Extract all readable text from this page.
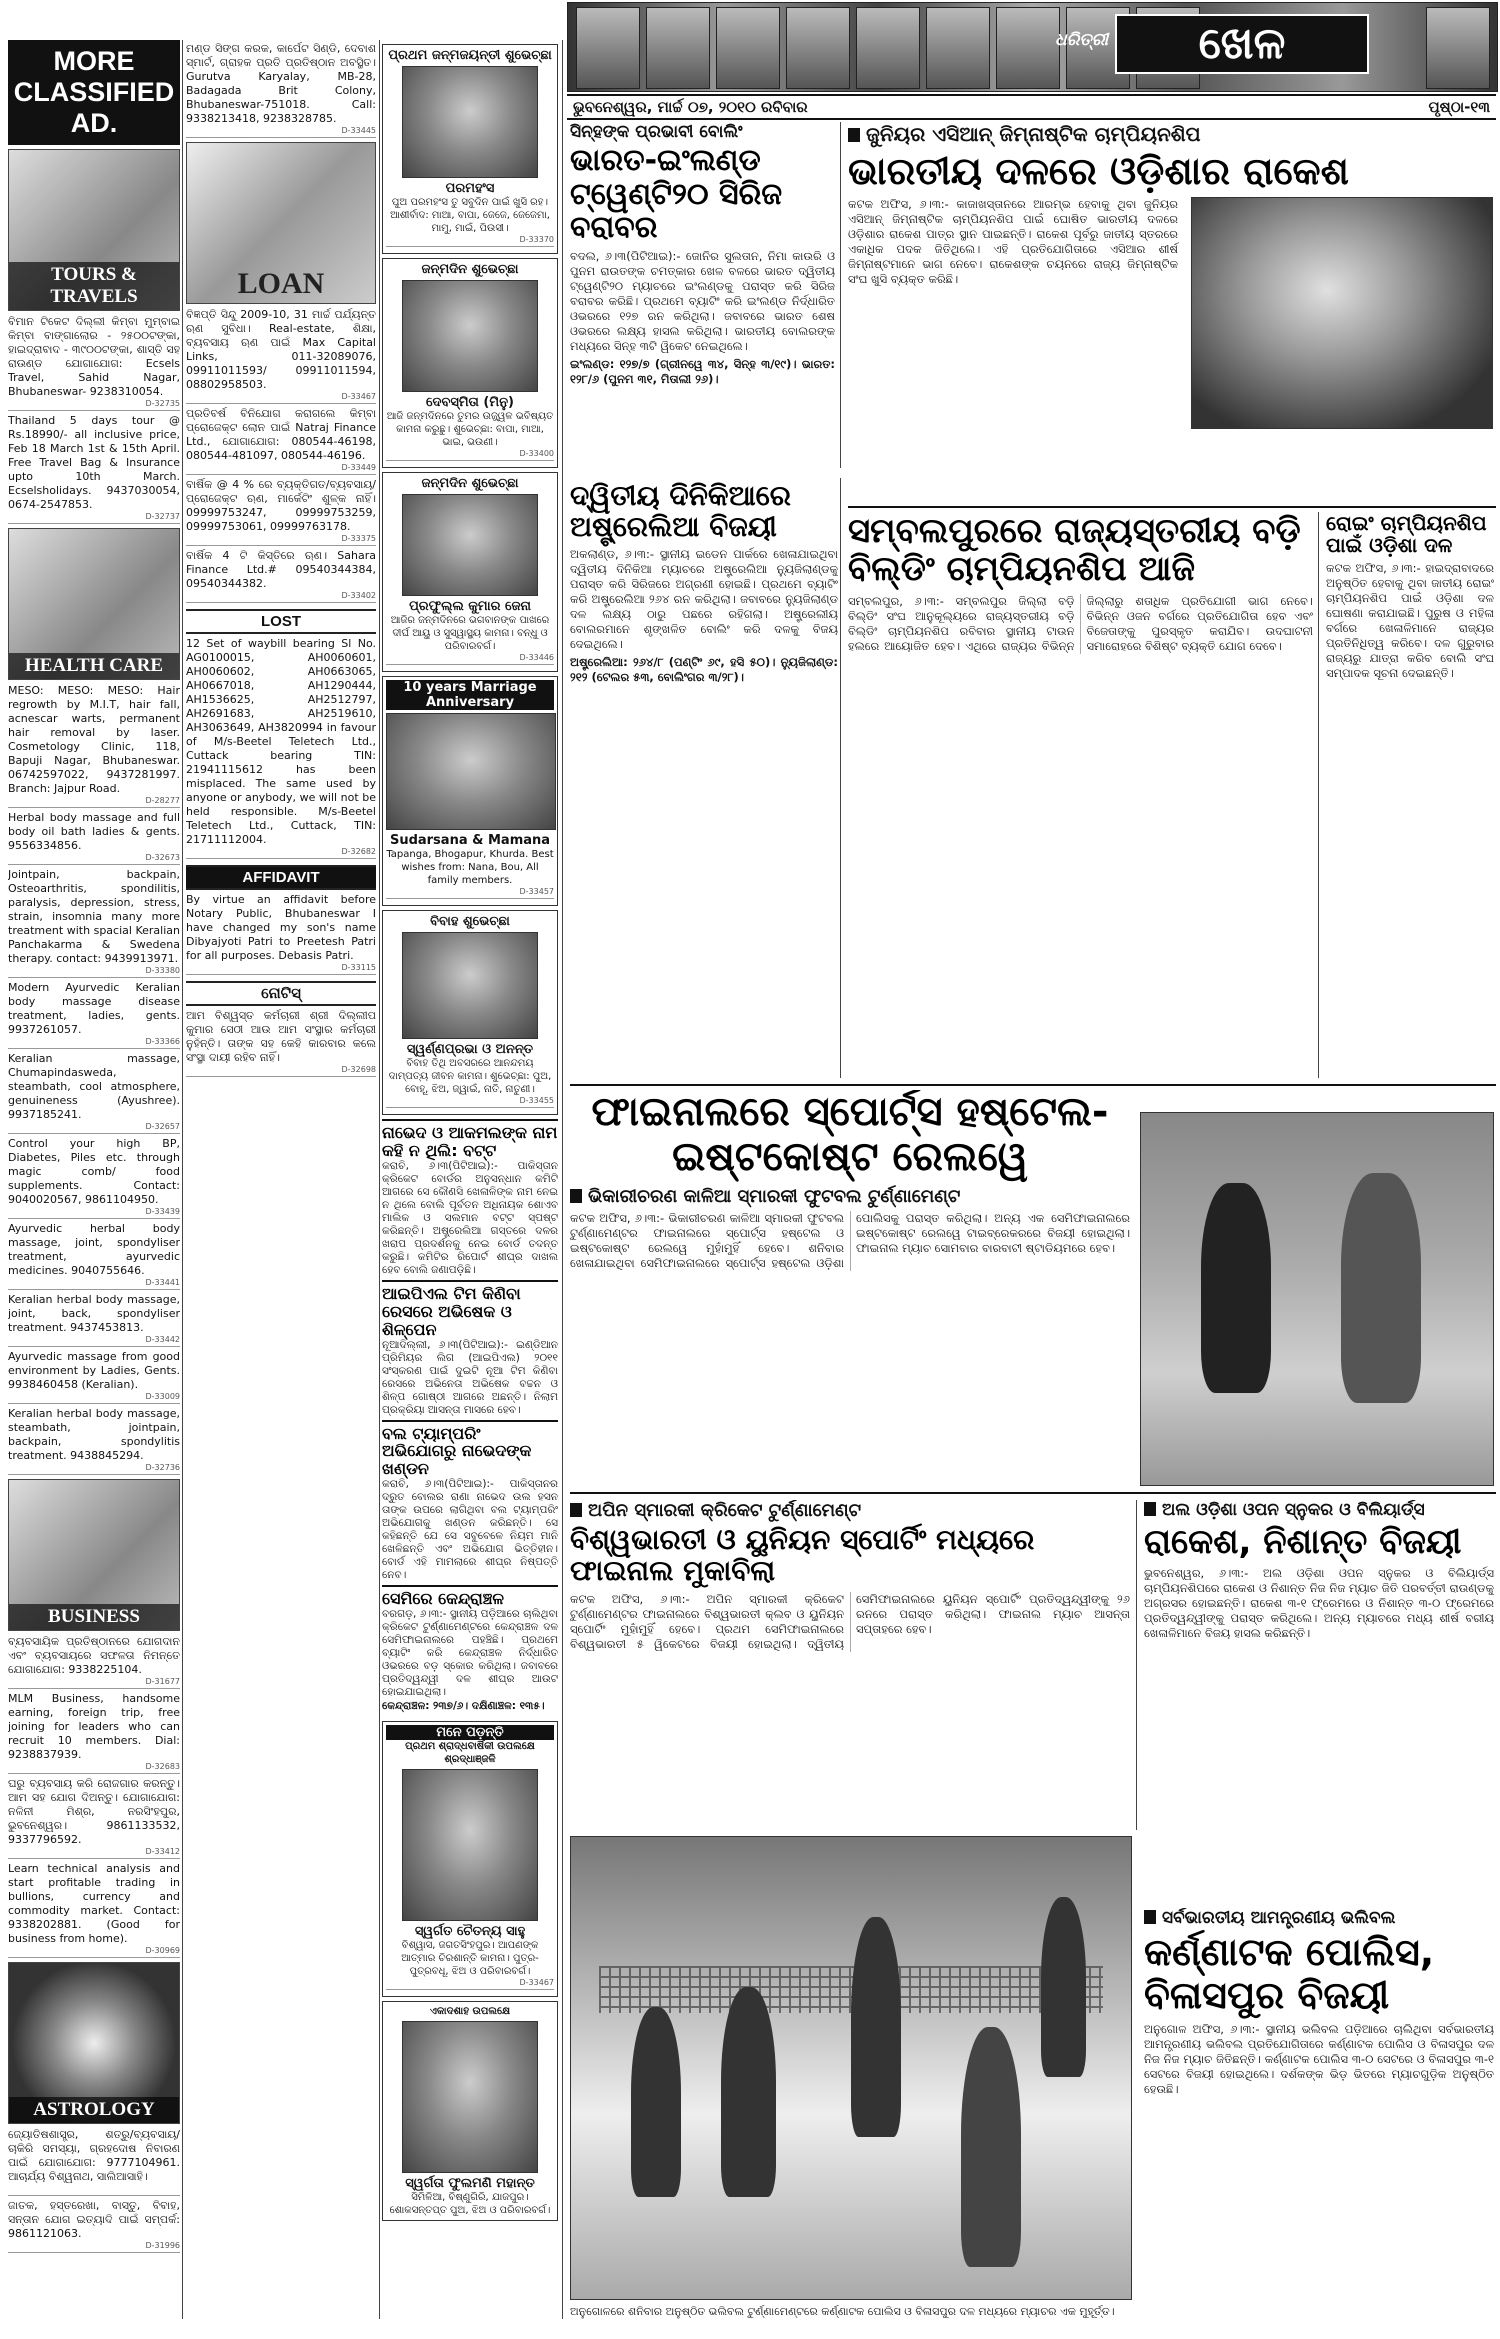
MORE CLASSIFIED AD.
TOURS & TRAVELS
ବିମାନ ଟିକେଟ ଦିଲ୍ଲୀ କିମ୍ବା ମୁମ୍ବାଇ କିମ୍ବା ବାଙ୍ଗାଲୋର - ୨୫୦୦ଟଙ୍କା, ହାଇଦ୍ରାବାଦ - ୩୯୦୦ଟଙ୍କା, ଶାସ୍ତି ସହ ରାଉଣ୍ଡ ଯୋଗାଯୋଗ: Ecsels Travel, Sahid Nagar, Bhubaneswar- 9238310054.
D-32735
Thailand 5 days tour @ Rs.18990/- all inclusive price, Feb 18 March 1st & 15th April. Free Travel Bag & Insurance upto 10th March. Ecselsholidays. 9437030054, 0674-2547853.
D-32737
HEALTH CARE
MESO: MESO: MESO: Hair regrowth by M.I.T, hair fall, acnescar warts, permanent hair removal by laser. Cosmetology Clinic, 118, Bapuji Nagar, Bhubaneswar. 06742597022, 9437281997. Branch: Jajpur Road.
D-28277
Herbal body massage and full body oil bath ladies & gents. 9556334856.
D-32673
Jointpain, backpain, Osteoarthritis, spondilitis, paralysis, depression, stress, strain, insomnia many more treatment with spacial Keralian Panchakarma & Swedena therapy. contact: 9439913971.
D-33380
Modern Ayurvedic Keralian body massage disease treatment, ladies, gents. 9937261057.
D-33366
Keralian massage, Chumapindasweda, steambath, cool atmosphere, genuineness (Ayushree). 9937185241.
D-32657
Control your high BP, Diabetes, Piles etc. through magic comb/ food supplements. Contact: 9040020567, 9861104950.
D-33439
Ayurvedic herbal body massage, joint, spondyliser treatment, ayurvedic medicines. 9040755646.
D-33441
Keralian herbal body massage, joint, back, spondyliser treatment. 9437453813.
D-33442
Ayurvedic massage from good environment by Ladies, Gents. 9938460458 (Keralian).
D-33009
Keralian herbal body massage, steambath, jointpain, backpain, spondylitis treatment. 9438845294.
D-32736
BUSINESS
ବ୍ୟବସାୟିକ ପ୍ରତିଷ୍ଠାନରେ ଯୋଗଦାନ ଏବଂ ବ୍ୟବସାୟରେ ସଫଳତା ନିମନ୍ତେ ଯୋଗାଯୋଗ: 9338225104.
D-31677
MLM Business, handsome earning, foreign trip, free joining for leaders who can recruit 10 members. Dial: 9238837939.
D-32683
ଘରୁ ବ୍ୟବସାୟ କରି ରୋଜଗାର କରନ୍ତୁ। ଆମ ସହ ଯୋଗ ଦିଅନ୍ତୁ। ଯୋଗାଯୋଗ: ନଳିନୀ ମିଶ୍ର, ନରସିଂହପୁର, ଭୁବନେଶ୍ୱର। 9861133532, 9337796592.
D-33412
Learn technical analysis and start profitable trading in bullions, currency and commodity market. Contact: 9338202881. (Good for business from home).
D-30969
ASTROLOGY
ଜ୍ୟୋତିଷଶାସ୍ତ୍ର, ଶତ୍ରୁ/ବ୍ୟବସାୟ/ଚାକିରି ସମସ୍ୟା, ଗ୍ରହଦୋଷ ନିବାରଣ ପାଇଁ ଯୋଗାଯୋଗ: 9777104961. ଆଚାର୍ଯ୍ୟ ବିଶ୍ୱନାଥ, ସାଲିଆସାହି।

ଜାତକ, ହସ୍ତରେଖା, ବାସ୍ତୁ, ବିବାହ, ସନ୍ତାନ ଯୋଗ ଇତ୍ୟାଦି ପାଇଁ ସମ୍ପର୍କ: 9861121063.
D-31996
ମଣ୍ଡ ସିଙ୍ଗ କରକ, କାର୍ପେଟ ସିଣ୍ଡି, ଦେବାଶ ସ୍ମାର୍ଟ, ଗ୍ରାହକ ପ୍ରତି ପ୍ରତିଷ୍ଠାନ ଅବସ୍ଥିତ। Gurutva Karyalay, MB-28, Badagada Brit Colony, Bhubaneswar-751018. Call: 9338213418, 9238328785.
D-33445
LOAN
ବିଜ୍ଞପ୍ତି ସିନ୍ଦୁ 2009-10, 31 ମାର୍ଚ୍ଚ ପର୍ଯ୍ୟନ୍ତ ଋଣ ସୁବିଧା। Real-estate, ଶିକ୍ଷା, ବ୍ୟବସାୟ ଋଣ ପାଇଁ Max Capital Links, 011-32089076, 09911011593/ 09911011594, 08802958503.
D-33467
ପ୍ରତିବର୍ଷ ବିନିଯୋଗ କରାଗଲେ କିମ୍ବା ପ୍ରୋଜେକ୍ଟ ଲୋନ ପାଇଁ Natraj Finance Ltd., ଯୋଗାଯୋଗ: 080544-46198, 080544-481097, 080544-46196.
D-33449
ବାର୍ଷିକ @ 4 % ରେ ବ୍ୟକ୍ତିଗତ/ବ୍ୟବସାୟ/ପ୍ରୋଜେକ୍ଟ ଋଣ, ମାର୍କେଟିଂ ଶୁଳ୍କ ନାହିଁ। 09999753247, 09999753259, 09999753061, 09999763178.
D-33375
ବାର୍ଷିକ 4 ଟି କିସ୍ତିରେ ଋଣ। Sahara Finance Ltd.# 09540344384, 09540344382.
D-33402
LOST
12 Set of waybill bearing Sl No. AG0100015, AH0060601, AH0060602, AH0663065, AH0667018, AH1290444, AH1536625, AH2512797, AH2691683, AH2519610, AH3063649, AH3820994 in favour of M/s-Beetel Teletech Ltd., Cuttack bearing TIN: 21941115612 has been misplaced. The same used by anyone or anybody, we will not be held responsible. M/s-Beetel Teletech Ltd., Cuttack, TIN: 21711112004.
D-32682
AFFIDAVIT
By virtue an affidavit before Notary Public, Bhubaneswar I have changed my son's name Dibyajyoti Patri to Preetesh Patri for all purposes. Debasis Patri.
D-33115
ନୋଟିସ୍
ଆମ ବିଶ୍ୱସ୍ତ କର୍ମଚାରୀ ଶ୍ରୀ ଦିଲ୍ଲୀପ କୁମାର ସେଠୀ ଆଉ ଆମ ସଂସ୍ଥାର କର୍ମଚାରୀ ନୁହଁନ୍ତି। ତାଙ୍କ ସହ କେହି କାରବାର କଲେ ସଂସ୍ଥା ଦାୟୀ ରହିବ ନାହିଁ।
D-32698
ପ୍ରଥମ ଜନ୍ମଜୟନ୍ତୀ ଶୁଭେଚ୍ଛା
ପରମହଂସ
ପୁଅ ପରମହଂସ ତୁ ସବୁଦିନ ପାଇଁ ଖୁସି ରହ। ଆଶୀର୍ବାଦ: ମାଆ, ବାପା, ଜେଜେ, ଜେଜେମା, ମାମୁ, ମାଇଁ, ପିଉସୀ।
D-33370
ଜନ୍ମଦିନ ଶୁଭେଚ୍ଛା
ଦେବସ୍ମିତା (ମିନୁ)
ଆଜି ଜନ୍ମଦିନରେ ତୁମର ଉଜ୍ଜ୍ୱଳ ଭବିଷ୍ୟତ କାମନା କରୁଛୁ। ଶୁଭେଚ୍ଛା: ବାପା, ମାଆ, ଭାଇ, ଭଉଣୀ।
D-33400
ଜନ୍ମଦିନ ଶୁଭେଚ୍ଛା
ପ୍ରଫୁଲ୍ଲ କୁମାର ଜେନା
ଆଜିର ଜନ୍ମଦିନରେ ଭଗବାନଙ୍କ ପାଖରେ ଦୀର୍ଘ ଆୟୁ ଓ ସୁସ୍ୱାସ୍ଥ୍ୟ କାମନା। ବନ୍ଧୁ ଓ ପରିବାରବର୍ଗ।
D-33446
10 years Marriage Anniversary
Sudarsana & Mamana
Tapanga, Bhogapur, Khurda. Best wishes from: Nana, Bou, All family members.
D-33457
ବିବାହ ଶୁଭେଚ୍ଛା
ସ୍ୱର୍ଣ୍ଣପ୍ରଭା ଓ ଅନନ୍ତ
ବିବାହ ତିଥି ଅବସରରେ ଆନନ୍ଦମୟ ଦାମ୍ପତ୍ୟ ଜୀବନ କାମନା। ଶୁଭେଚ୍ଛା: ପୁଅ, ବୋହୂ, ଝିଅ, ଜ୍ୱାଇଁ, ନାତି, ନାତୁଣୀ।
D-33455
ନାଭେଦ ଓ ଆକମଲଙ୍କ ନାମ କହି ନ ଥିଲି: ବଟ୍ଟ
କରାଚି, ୬।୩(ପିଟିଆଇ):- ପାକିସ୍ତାନ କ୍ରିକେଟ ବୋର୍ଡର ଅନୁସନ୍ଧାନ କମିଟି ଆଗରେ ସେ କୌଣସି ଖେଳାଳିଙ୍କ ନାମ ନେଇ ନ ଥିଲେ ବୋଲି ପୂର୍ବତନ ଅଧିନାୟକ ଶୋଏବ ମାଲିକ ଓ ସଲମାନ ବଟ୍ଟ ସ୍ପଷ୍ଟ କରିଛନ୍ତି। ଅଷ୍ଟ୍ରେଲିଆ ଗସ୍ତରେ ଦଳର ଖରାପ ପ୍ରଦର୍ଶନକୁ ନେଇ ବୋର୍ଡ ତଦନ୍ତ କରୁଛି। କମିଟିର ରିପୋର୍ଟ ଶୀଘ୍ର ଦାଖଲ ହେବ ବୋଲି ଜଣାପଡ଼ିଛି।
ଆଇପିଏଲ ଟିମ କିଣିବା ରେସରେ ଅଭିଷେକ ଓ ଶିଳ୍ପେନ
ନୂଆଦିଲ୍ଲୀ, ୬।୩(ପିଟିଆଇ):- ଇଣ୍ଡିଆନ ପ୍ରିମିୟର ଲିଗ (ଆଇପିଏଲ) ୨୦୧୧ ସଂସ୍କରଣ ପାଇଁ ଦୁଇଟି ନୂଆ ଟିମ କିଣିବା ରେସରେ ଅଭିନେତା ଅଭିଷେକ ବଚ୍ଚନ ଓ ଶିଳ୍ପ ଗୋଷ୍ଠୀ ଆଗରେ ଅଛନ୍ତି। ନିଲାମ ପ୍ରକ୍ରିୟା ଆସନ୍ତା ମାସରେ ହେବ।
ବଲ ଟ୍ୟାମ୍ପରିଂ ଅଭିଯୋଗରୁ ନାଭେଦଙ୍କ ଖଣ୍ଡନ
କରାଚି, ୬।୩(ପିଟିଆଇ):- ପାକିସ୍ତାନର ଦ୍ରୁତ ବୋଲର ରାଣା ନାଭେଦ ଉଲ ହସନ ତାଙ୍କ ଉପରେ ଲାଗିଥିବା ବଲ ଟ୍ୟାମ୍ପରିଂ ଅଭିଯୋଗକୁ ଖଣ୍ଡନ କରିଛନ୍ତି। ସେ କହିଛନ୍ତି ଯେ ସେ ସବୁବେଳେ ନିୟମ ମାନି ଖେଳିଛନ୍ତି ଏବଂ ଅଭିଯୋଗ ଭିତ୍ତିହୀନ। ବୋର୍ଡ ଏହି ମାମଲାରେ ଶୀଘ୍ର ନିଷ୍ପତ୍ତି ନେବ।
ସେମିରେ କେନ୍ଦ୍ରାଞ୍ଚଳ
ବରଗଡ଼, ୬।୩:- ସ୍ଥାନୀୟ ପଡ଼ିଆରେ ଚାଲିଥିବା କ୍ରିକେଟ ଟୁର୍ଣ୍ଣାମେଣ୍ଟରେ କେନ୍ଦ୍ରାଞ୍ଚଳ ଦଳ ସେମିଫାଇନାଲରେ ପହଞ୍ଚିଛି। ପ୍ରଥମେ ବ୍ୟାଟିଂ କରି କେନ୍ଦ୍ରାଞ୍ଚଳ ନିର୍ଦ୍ଧାରିତ ଓଭରରେ ବଡ଼ ସ୍କୋର କରିଥିଲା। ଜବାବରେ ପ୍ରତିଦ୍ୱନ୍ଦ୍ୱୀ ଦଳ ଶୀଘ୍ର ଆଉଟ ହୋଇଯାଇଥିଲା।
କେନ୍ଦ୍ରାଞ୍ଚଳ: ୨୩୭/୬। ଦକ୍ଷିଣାଞ୍ଚଳ: ୧୩୫।
ମନେ ପଡ଼ନ୍ତି
ପ୍ରଥମ ଶ୍ରାଦ୍ଧବାର୍ଷିକୀ ଉପଲକ୍ଷେ ଶ୍ରଦ୍ଧାଞ୍ଜଳି
ସ୍ୱର୍ଗତ ଚୈତନ୍ୟ ସାହୁ
ବିଶ୍ୱାସ, ଜଗତସିଂହପୁର। ଆପଣଙ୍କ ଆତ୍ମାର ଚିରଶାନ୍ତି କାମନା। ପୁତ୍ର-ପୁତ୍ରବଧୂ, ଝିଅ ଓ ପରିବାରବର୍ଗ।
D-33467
ଏକାଦଶାହ ଉପଲକ୍ଷେ
ସ୍ୱର୍ଗତା ଫୁଲମଣି ମହାନ୍ତ
ସିମିଳିଆ, ବିଷ୍ଣୁଗିରି, ଯାଜପୁର। ଶୋକସନ୍ତପ୍ତ ପୁଅ, ଝିଅ ଓ ପରିବାରବର୍ଗ।
ଧରିତ୍ରୀ	ଖେଳ
ଭୁବନେଶ୍ୱର, ମାର୍ଚ୍ଚ ୦୭, ୨୦୧୦ ରବିବାର	ପୃଷ୍ଠା-୧୩
ସିନ୍‌ହଙ୍କ ପ୍ରଭାବୀ ବୋଲିଂ
ଭାରତ-ଇଂଲଣ୍ଡ ଟ୍ୱେଣ୍ଟି୨୦ ସିରିଜ ବରାବର
ବଦଲ, ୬।୩(ପିଟିଆଇ):- ଜୋନିର ସୁଲତାନ, ନିମା କାଉରି ଓ ପୁନମ ରାଉତଙ୍କ ଚମତ୍କାର ଖେଳ ବଳରେ ଭାରତ ଦ୍ୱିତୀୟ ଟ୍ୱେଣ୍ଟି୨୦ ମ୍ୟାଚରେ ଇଂଲଣ୍ଡକୁ ପରାସ୍ତ କରି ସିରିଜ ବରାବର କରିଛି। ପ୍ରଥମେ ବ୍ୟାଟିଂ କରି ଇଂଲଣ୍ଡ ନିର୍ଦ୍ଧାରିତ ଓଭରରେ ୧୨୭ ରନ କରିଥିଲା। ଜବାବରେ ଭାରତ ଶେଷ ଓଭରରେ ଲକ୍ଷ୍ୟ ହାସଲ କରିଥିଲା। ଭାରତୀୟ ବୋଲରଙ୍କ ମଧ୍ୟରେ ସିନ୍‌ହ ୩ଟି ୱିକେଟ ନେଇଥିଲେ।
ଇଂଲଣ୍ଡ: ୧୨୭/୭ (ଗ୍ରୀନୱେ ୩୪, ସିନ୍‌ହ ୩/୧୯)। ଭାରତ: ୧୨୮/୬ (ପୁନମ ୩୧, ମିତାଲୀ ୨୬)।
ଜୁନିୟର ଏସିଆନ୍ ଜିମ୍ନାଷ୍ଟିକ ଚାମ୍ପିୟନଶିପ
ଭାରତୀୟ ଦଳରେ ଓଡ଼ିଶାର ରାକେଶ
କଟକ ଅଫିସ, ୬।୩:- କାଜାଖସ୍ତାନରେ ଆରମ୍ଭ ହେବାକୁ ଥିବା ଜୁନିୟର ଏସିଆନ୍ ଜିମ୍ନାଷ୍ଟିକ ଚାମ୍ପିୟନଶିପ ପାଇଁ ଘୋଷିତ ଭାରତୀୟ ଦଳରେ ଓଡ଼ିଶାର ରାକେଶ ପାତ୍ର ସ୍ଥାନ ପାଇଛନ୍ତି। ରାକେଶ ପୂର୍ବରୁ ଜାତୀୟ ସ୍ତରରେ ଏକାଧିକ ପଦକ ଜିତିଥିଲେ। ଏହି ପ୍ରତିଯୋଗିତାରେ ଏସିଆର ଶୀର୍ଷ ଜିମ୍ନାଷ୍ଟମାନେ ଭାଗ ନେବେ। ରାକେଶଙ୍କ ଚୟନରେ ରାଜ୍ୟ ଜିମ୍ନାଷ୍ଟିକ ସଂଘ ଖୁସି ବ୍ୟକ୍ତ କରିଛି।
ଦ୍ୱିତୀୟ ଦିନିକିଆରେ ଅଷ୍ଟ୍ରେଲିଆ ବିଜୟୀ
ଅକଲାଣ୍ଡ, ୬।୩:- ସ୍ଥାନୀୟ ଇଡେନ ପାର୍କରେ ଖେଳାଯାଇଥିବା ଦ୍ୱିତୀୟ ଦିନିକିଆ ମ୍ୟାଚରେ ଅଷ୍ଟ୍ରେଲିଆ ନ୍ୟୁଜିଲାଣ୍ଡକୁ ପରାସ୍ତ କରି ସିରିଜରେ ଅଗ୍ରଣୀ ହୋଇଛି। ପ୍ରଥମେ ବ୍ୟାଟିଂ କରି ଅଷ୍ଟ୍ରେଲିଆ ୨୬୪ ରନ କରିଥିଲା। ଜବାବରେ ନ୍ୟୁଜିଲାଣ୍ଡ ଦଳ ଲକ୍ଷ୍ୟ ଠାରୁ ପଛରେ ରହିଗଲା। ଅଷ୍ଟ୍ରେଲୀୟ ବୋଲରମାନେ ଶୃଙ୍ଖଳିତ ବୋଲିଂ କରି ଦଳକୁ ବିଜୟ ଦେଇଥିଲେ।
ଅଷ୍ଟ୍ରେଲିଆ: ୨୬୪/୮ (ପଣ୍ଟିଂ ୬୯, ହସି ୫୦)। ନ୍ୟୁଜିଲାଣ୍ଡ: ୨୧୨ (ଟେଲର ୫୩, ବୋଲିଂଗର ୩/୨୮)।
ସମ୍ବଲପୁରରେ ରାଜ୍ୟସ୍ତରୀୟ ବଡ଼ି ବିଲ୍ଡିଂ ଚାମ୍ପିୟନଶିପ ଆଜି
ସମ୍ବଲପୁର, ୬।୩:- ସମ୍ବଲପୁର ଜିଲ୍ଲା ବଡ଼ି ବିଲ୍ଡିଂ ସଂଘ ଆନୁକୂଲ୍ୟରେ ରାଜ୍ୟସ୍ତରୀୟ ବଡ଼ି ବିଲ୍ଡିଂ ଚାମ୍ପିୟନଶିପ ରବିବାର ସ୍ଥାନୀୟ ଟାଉନ ହଲରେ ଆୟୋଜିତ ହେବ। ଏଥିରେ ରାଜ୍ୟର ବିଭିନ୍ନ ଜିଲ୍ଲାରୁ ଶତାଧିକ ପ୍ରତିଯୋଗୀ ଭାଗ ନେବେ। ବିଭିନ୍ନ ଓଜନ ବର୍ଗରେ ପ୍ରତିଯୋଗିତା ହେବ ଏବଂ ବିଜେତାଙ୍କୁ ପୁରସ୍କୃତ କରାଯିବ। ଉଦଘାଟନୀ ସମାରୋହରେ ବିଶିଷ୍ଟ ବ୍ୟକ୍ତି ଯୋଗ ଦେବେ।
ରୋଇଂ ଚାମ୍ପିୟନଶିପ ପାଇଁ ଓଡ଼ିଶା ଦଳ
କଟକ ଅଫିସ, ୬।୩:- ହାଇଦ୍ରାବାଦରେ ଅନୁଷ୍ଠିତ ହେବାକୁ ଥିବା ଜାତୀୟ ରୋଇଂ ଚାମ୍ପିୟନଶିପ ପାଇଁ ଓଡ଼ିଶା ଦଳ ଘୋଷଣା କରାଯାଇଛି। ପୁରୁଷ ଓ ମହିଳା ବର୍ଗରେ ଖେଳାଳିମାନେ ରାଜ୍ୟର ପ୍ରତିନିଧିତ୍ୱ କରିବେ। ଦଳ ଗୁରୁବାର ରାଜ୍ୟରୁ ଯାତ୍ରା କରିବ ବୋଲି ସଂଘ ସମ୍ପାଦକ ସୂଚନା ଦେଇଛନ୍ତି।
ଫାଇନାଲରେ ସ୍ପୋର୍ଟ୍ସ ହଷ୍ଟେଲ-ଇଷ୍ଟକୋଷ୍ଟ ରେଲୱେ
ଭିକାରୀଚରଣ କାଳିଆ ସ୍ମାରକୀ ଫୁଟବଲ ଟୁର୍ଣ୍ଣାମେଣ୍ଟ
କଟକ ଅଫିସ, ୬।୩:- ଭିକାରୀଚରଣ କାଳିଆ ସ୍ମାରକୀ ଫୁଟବଲ ଟୁର୍ଣ୍ଣାମେଣ୍ଟର ଫାଇନାଲରେ ସ୍ପୋର୍ଟ୍ସ ହଷ୍ଟେଲ ଓ ଇଷ୍ଟକୋଷ୍ଟ ରେଲୱେ ମୁହାଁମୁହିଁ ହେବେ। ଶନିବାର ଖେଳାଯାଇଥିବା ସେମିଫାଇନାଲରେ ସ୍ପୋର୍ଟ୍ସ ହଷ୍ଟେଲ ଓଡ଼ିଶା ପୋଲିସକୁ ପରାସ୍ତ କରିଥିଲା। ଅନ୍ୟ ଏକ ସେମିଫାଇନାଲରେ ଇଷ୍ଟକୋଷ୍ଟ ରେଲୱେ ଟାଇବ୍ରେକରରେ ବିଜୟୀ ହୋଇଥିଲା। ଫାଇନାଲ ମ୍ୟାଚ ସୋମବାର ବାରବାଟୀ ଷ୍ଟାଡିୟମରେ ହେବ।
ଅପିନ ସ୍ମାରକୀ କ୍ରିକେଟ ଟୁର୍ଣ୍ଣାମେଣ୍ଟ
ବିଶ୍ୱଭାରତୀ ଓ ୟୁନିୟନ ସ୍ପୋର୍ଟିଂ ମଧ୍ୟରେ ଫାଇନାଲ ମୁକାବିଲା
କଟକ ଅଫିସ, ୬।୩:- ଅପିନ ସ୍ମାରକୀ କ୍ରିକେଟ ଟୁର୍ଣ୍ଣାମେଣ୍ଟର ଫାଇନାଲରେ ବିଶ୍ୱଭାରତୀ କ୍ଲବ ଓ ୟୁନିୟନ ସ୍ପୋର୍ଟିଂ ମୁହାଁମୁହିଁ ହେବେ। ପ୍ରଥମ ସେମିଫାଇନାଲରେ ବିଶ୍ୱଭାରତୀ ୫ ୱିକେଟରେ ବିଜୟୀ ହୋଇଥିଲା। ଦ୍ୱିତୀୟ ସେମିଫାଇନାଲରେ ୟୁନିୟନ ସ୍ପୋର୍ଟିଂ ପ୍ରତିଦ୍ୱନ୍ଦ୍ୱୀଙ୍କୁ ୨୬ ରନରେ ପରାସ୍ତ କରିଥିଲା। ଫାଇନାଲ ମ୍ୟାଚ ଆସନ୍ତା ସପ୍ତାହରେ ହେବ।
ଅଲ ଓଡ଼ିଶା ଓପନ ସ୍ନୁକର ଓ ବିଲିୟାର୍ଡ୍ସ
ରାକେଶ, ନିଶାନ୍ତ ବିଜୟୀ
ଭୁବନେଶ୍ୱର, ୬।୩:- ଅଲ ଓଡ଼ିଶା ଓପନ ସ୍ନୁକର ଓ ବିଲିୟାର୍ଡ୍ସ ଚାମ୍ପିୟନଶିପରେ ରାକେଶ ଓ ନିଶାନ୍ତ ନିଜ ନିଜ ମ୍ୟାଚ ଜିତି ପରବର୍ତ୍ତୀ ରାଉଣ୍ଡକୁ ଅଗ୍ରସର ହୋଇଛନ୍ତି। ରାକେଶ ୩-୧ ଫ୍ରେମରେ ଓ ନିଶାନ୍ତ ୩-୦ ଫ୍ରେମରେ ପ୍ରତିଦ୍ୱନ୍ଦ୍ୱୀଙ୍କୁ ପରାସ୍ତ କରିଥିଲେ। ଅନ୍ୟ ମ୍ୟାଚରେ ମଧ୍ୟ ଶୀର୍ଷ ବରୀୟ ଖେଳାଳିମାନେ ବିଜୟ ହାସଲ କରିଛନ୍ତି।
ସର୍ବଭାରତୀୟ ଆମନ୍ତ୍ରଣୀୟ ଭଲିବଲ
କର୍ଣ୍ଣାଟକ ପୋଲିସ, ବିଳାସପୁର ବିଜୟୀ
ଅନୁଗୋଳ ଅଫିସ, ୬।୩:- ସ୍ଥାନୀୟ ଭଲିବଲ ପଡ଼ିଆରେ ଚାଲିଥିବା ସର୍ବଭାରତୀୟ ଆମନ୍ତ୍ରଣୀୟ ଭଲିବଲ ପ୍ରତିଯୋଗିତାରେ କର୍ଣ୍ଣାଟକ ପୋଲିସ ଓ ବିଳାସପୁର ଦଳ ନିଜ ନିଜ ମ୍ୟାଚ ଜିତିଛନ୍ତି। କର୍ଣ୍ଣାଟକ ପୋଲିସ ୩-୦ ସେଟରେ ଓ ବିଳାସପୁର ୩-୧ ସେଟରେ ବିଜୟୀ ହୋଇଥିଲେ। ଦର୍ଶକଙ୍କ ଭିଡ଼ ଭିତରେ ମ୍ୟାଚଗୁଡ଼ିକ ଅନୁଷ୍ଠିତ ହେଉଛି।
ଅନୁଗୋଳରେ ଶନିବାର ଅନୁଷ୍ଠିତ ଭଲିବଲ ଟୁର୍ଣ୍ଣାମେଣ୍ଟରେ କର୍ଣ୍ଣାଟକ ପୋଲିସ ଓ ବିଳାସପୁର ଦଳ ମଧ୍ୟରେ ମ୍ୟାଚର ଏକ ମୁହୂର୍ତ୍ତ।
